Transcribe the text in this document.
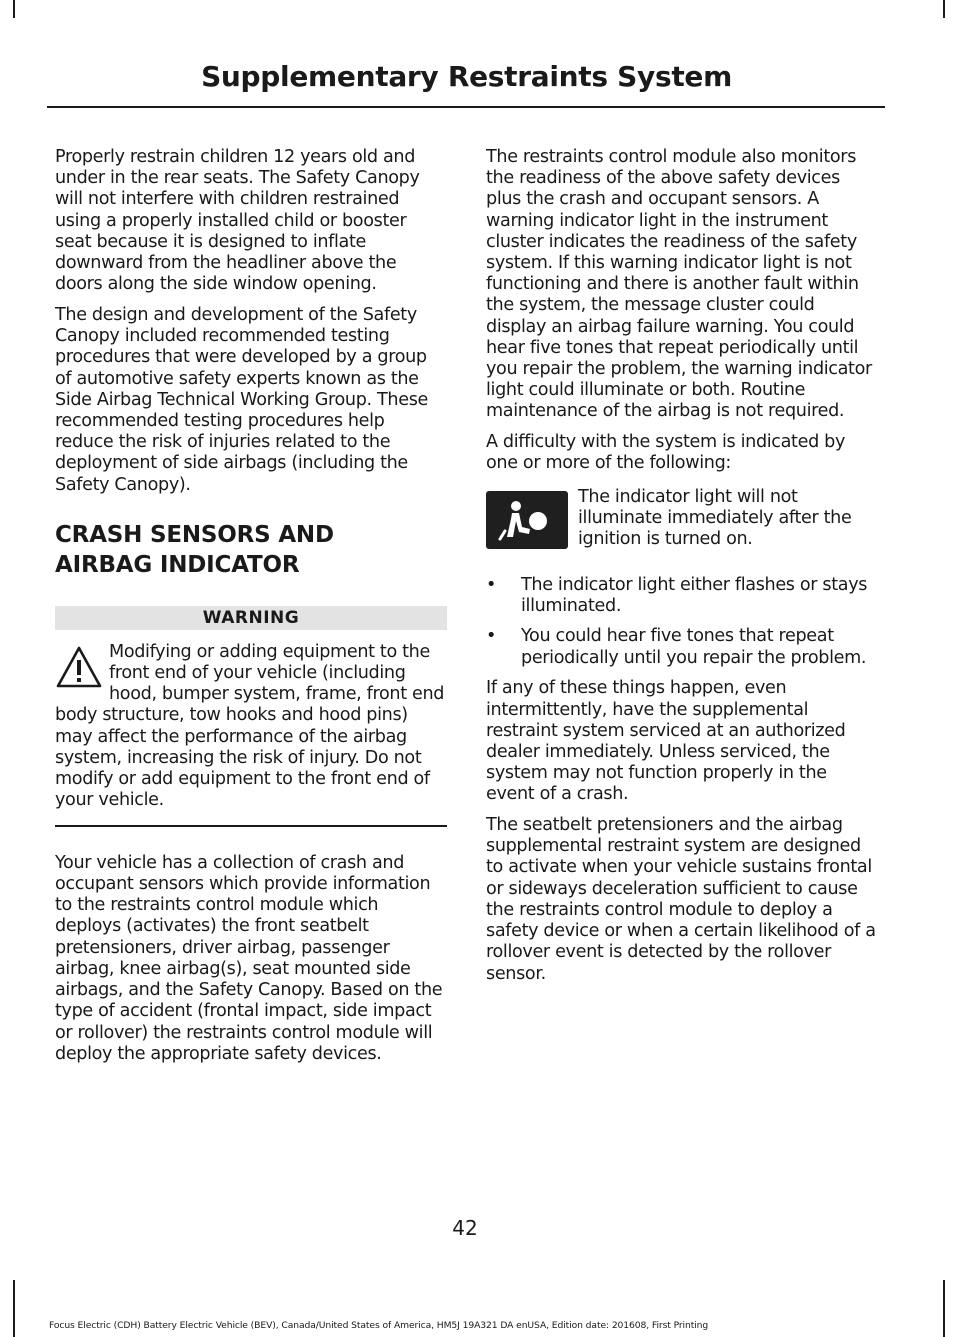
Supplementary Restraints System

Properly restrain children 12 years old and under in the rear seats. The Safety Canopy will not interfere with children restrained using a properly installed child or booster seat because it is designed to inflate downward from the headliner above the doors along the side window opening.

The design and development of the Safety Canopy included recommended testing procedures that were developed by a group of automotive safety experts known as the Side Airbag Technical Working Group. These recommended testing procedures help reduce the risk of injuries related to the deployment of side airbags (including the Safety Canopy).

CRASH SENSORS AND
AIRBAG INDICATOR
WARNING

Modifying or adding equipment to the front end of your vehicle (including hood, bumper system, frame, front end body structure, tow hooks and hood pins) may affect the performance of the airbag system, increasing the risk of injury. Do not modify or add equipment to the front end of your vehicle.

Your vehicle has a collection of crash and occupant sensors which provide information to the restraints control module which deploys (activates) the front seatbelt pretensioners, driver airbag, passenger airbag, knee airbag(s), seat mounted side airbags, and the Safety Canopy. Based on the type of accident (frontal impact, side impact or rollover) the restraints control module will deploy the appropriate safety devices.

The restraints control module also monitors the readiness of the above safety devices plus the crash and occupant sensors. A warning indicator light in the instrument cluster indicates the readiness of the safety system. If this warning indicator light is not functioning and there is another fault within the system, the message cluster could display an airbag failure warning. You could hear five tones that repeat periodically until you repair the problem, the warning indicator light could illuminate or both. Routine maintenance of the airbag is not required.

A difficulty with the system is indicated by one or more of the following:

The indicator light will not illuminate immediately after the ignition is turned on.
• The indicator light either flashes or stays illuminated.
• You could hear five tones that repeat periodically until you repair the problem.

If any of these things happen, even intermittently, have the supplemental restraint system serviced at an authorized dealer immediately. Unless serviced, the system may not function properly in the event of a crash.

The seatbelt pretensioners and the airbag supplemental restraint system are designed to activate when your vehicle sustains frontal or sideways deceleration sufficient to cause the restraints control module to deploy a safety device or when a certain likelihood of a rollover event is detected by the rollover sensor.

42
Focus Electric (CDH) Battery Electric Vehicle (BEV), Canada/United States of America, HM5J 19A321 DA enUSA, Edition date: 201608, First Printing
